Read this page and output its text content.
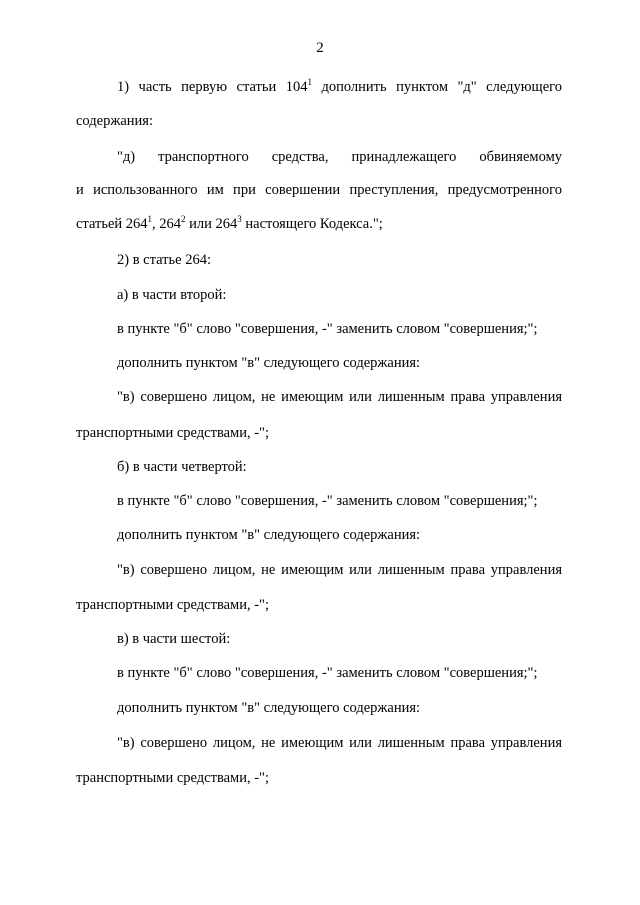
2
1) часть первую статьи $104^1$ дополнить пунктом "д" следующего
содержания:
"д) транспортного средства, принадлежащего обвиняемому
и использованного им при совершении преступления, предусмотренного
статьей $264^1$, $264^2$ или $264^3$ настоящего Кодекса.";
2) в статье 264:
а) в части второй:
в пункте "б" слово "совершения, -" заменить словом "совершения;";
дополнить пунктом "в" следующего содержания:
"в) совершено лицом, не имеющим или лишенным права управления
транспортными средствами, -";
б) в части четвертой:
в пункте "б" слово "совершения, -" заменить словом "совершения;";
дополнить пунктом "в" следующего содержания:
"в) совершено лицом, не имеющим или лишенным права управления
транспортными средствами, -";
в) в части шестой:
в пункте "б" слово "совершения, -" заменить словом "совершения;";
дополнить пунктом "в" следующего содержания:
"в) совершено лицом, не имеющим или лишенным права управления
транспортными средствами, -";
